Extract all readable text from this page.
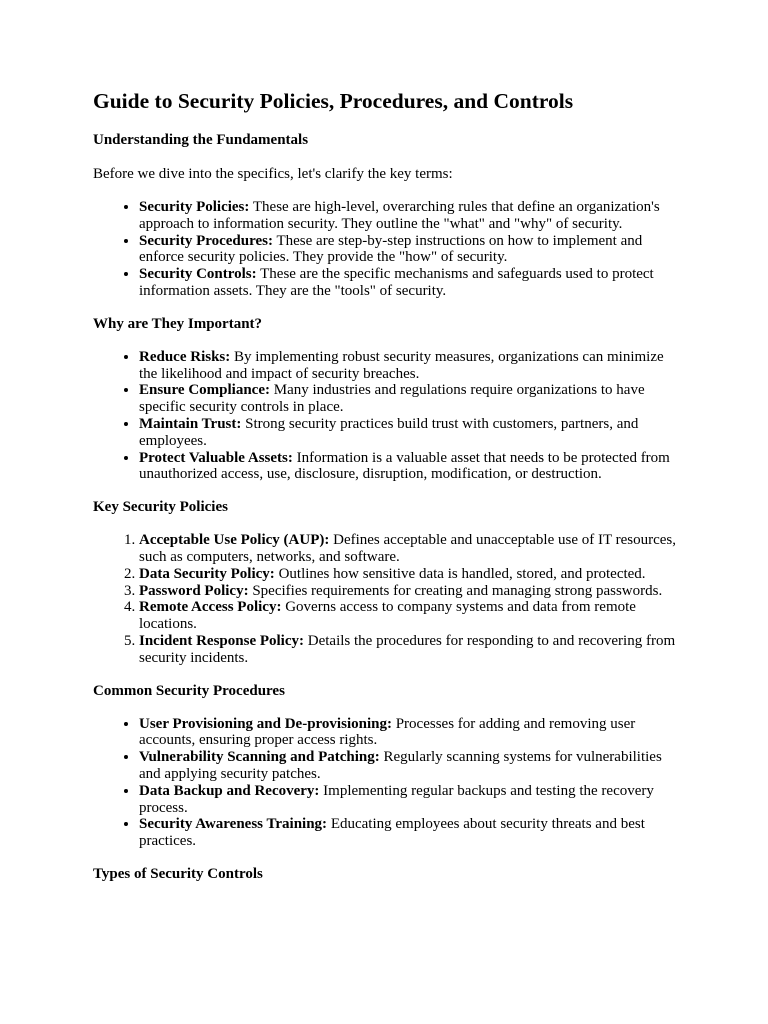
Guide to Security Policies, Procedures, and Controls
Understanding the Fundamentals

Before we dive into the specifics, let's clarify the key terms:

• Security Policies: These are high-level, overarching rules that define an organization's approach to information security. They outline the "what" and "why" of security.
• Security Procedures: These are step-by-step instructions on how to implement and enforce security policies. They provide the "how" of security.
• Security Controls: These are the specific mechanisms and safeguards used to protect information assets. They are the "tools" of security.
Why are They Important?
• Reduce Risks: By implementing robust security measures, organizations can minimize the likelihood and impact of security breaches.
• Ensure Compliance: Many industries and regulations require organizations to have specific security controls in place.
• Maintain Trust: Strong security practices build trust with customers, partners, and employees.
• Protect Valuable Assets: Information is a valuable asset that needs to be protected from unauthorized access, use, disclosure, disruption, modification, or destruction.
Key Security Policies
1. Acceptable Use Policy (AUP): Defines acceptable and unacceptable use of IT resources, such as computers, networks, and software.
2. Data Security Policy: Outlines how sensitive data is handled, stored, and protected.
3. Password Policy: Specifies requirements for creating and managing strong passwords.
4. Remote Access Policy: Governs access to company systems and data from remote locations.
5. Incident Response Policy: Details the procedures for responding to and recovering from security incidents.
Common Security Procedures
• User Provisioning and De-provisioning: Processes for adding and removing user accounts, ensuring proper access rights.
• Vulnerability Scanning and Patching: Regularly scanning systems for vulnerabilities and applying security patches.
• Data Backup and Recovery: Implementing regular backups and testing the recovery process.
• Security Awareness Training: Educating employees about security threats and best practices.
Types of Security Controls
